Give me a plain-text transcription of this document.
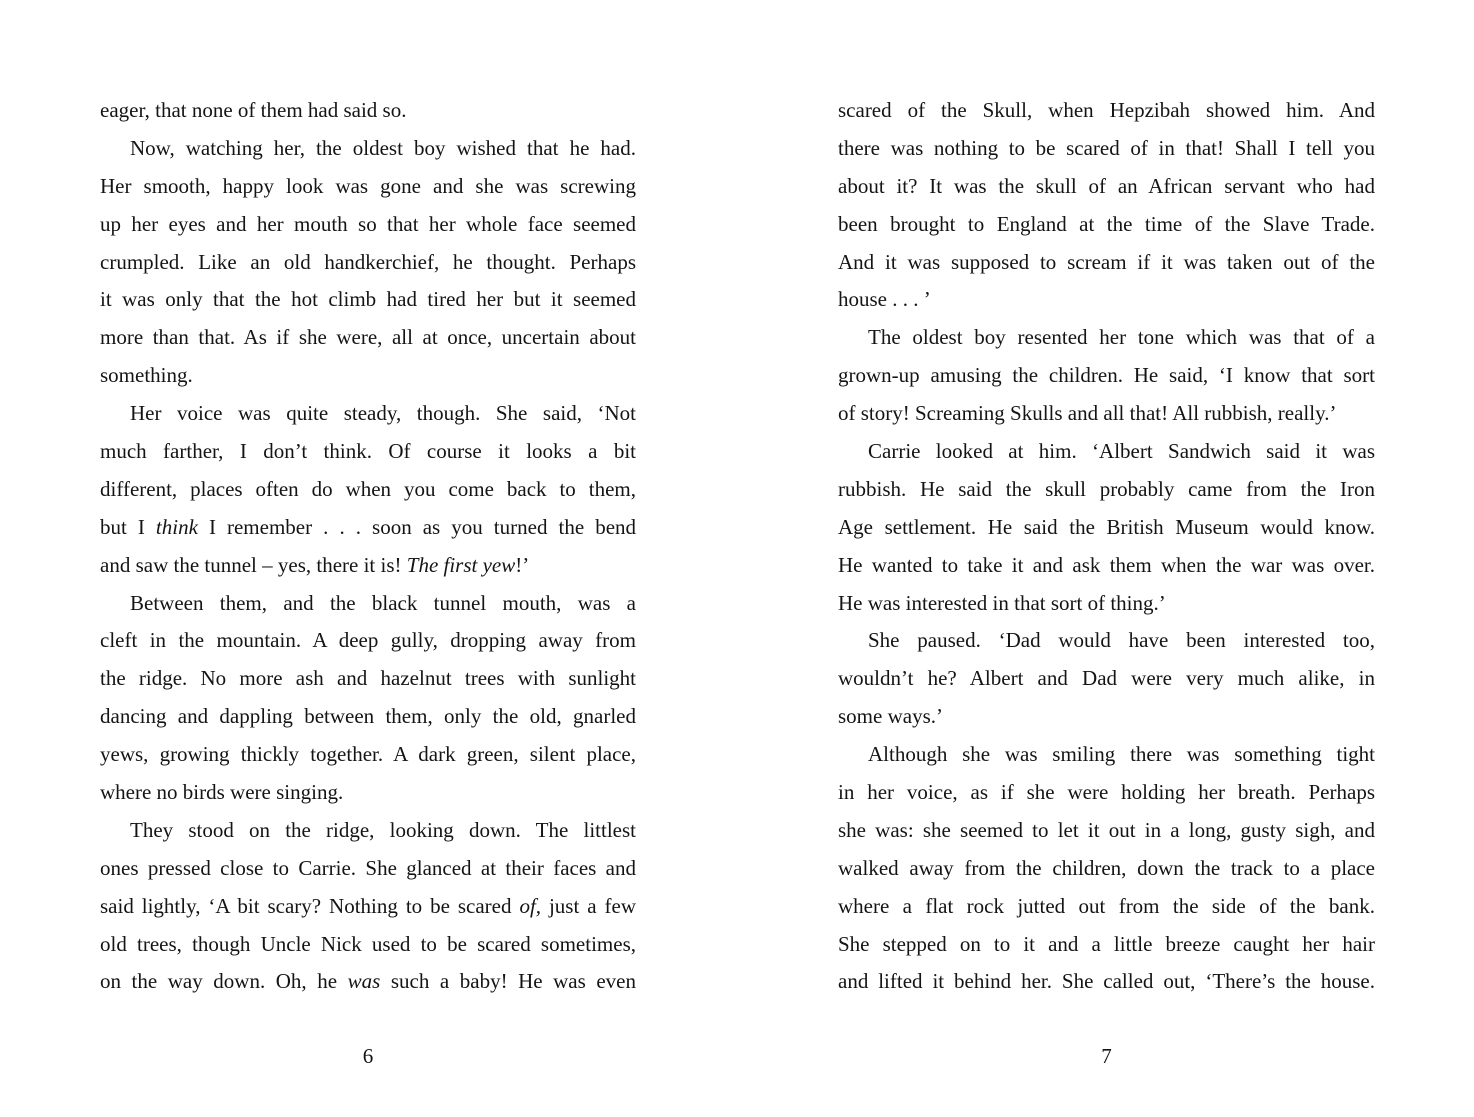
eager, that none of them had said so.
Now, watching her, the oldest boy wished that he had.
Her smooth, happy look was gone and she was screwing
up her eyes and her mouth so that her whole face seemed
crumpled. Like an old handkerchief, he thought. Perhaps
it was only that the hot climb had tired her but it seemed
more than that. As if she were, all at once, uncertain about
something.
Her voice was quite steady, though. She said, ‘Not
much farther, I don’t think. Of course it looks a bit
different, places often do when you come back to them,
but I think I remember . . . soon as you turned the bend
and saw the tunnel – yes, there it is! The first yew!’
Between them, and the black tunnel mouth, was a
cleft in the mountain. A deep gully, dropping away from
the ridge. No more ash and hazelnut trees with sunlight
dancing and dappling between them, only the old, gnarled
yews, growing thickly together. A dark green, silent place,
where no birds were singing.
They stood on the ridge, looking down. The littlest
ones pressed close to Carrie. She glanced at their faces and
said lightly, ‘A bit scary? Nothing to be scared of, just a few
old trees, though Uncle Nick used to be scared sometimes,
on the way down. Oh, he was such a baby! He was even
6
scared of the Skull, when Hepzibah showed him. And
there was nothing to be scared of in that! Shall I tell you
about it? It was the skull of an African servant who had
been brought to England at the time of the Slave Trade.
And it was supposed to scream if it was taken out of the
house . . . ’
The oldest boy resented her tone which was that of a
grown-up amusing the children. He said, ‘I know that sort
of story! Screaming Skulls and all that! All rubbish, really.’
Carrie looked at him. ‘Albert Sandwich said it was
rubbish. He said the skull probably came from the Iron
Age settlement. He said the British Museum would know.
He wanted to take it and ask them when the war was over.
He was interested in that sort of thing.’
She paused. ‘Dad would have been interested too,
wouldn’t he? Albert and Dad were very much alike, in
some ways.’
Although she was smiling there was something tight
in her voice, as if she were holding her breath. Perhaps
she was: she seemed to let it out in a long, gusty sigh, and
walked away from the children, down the track to a place
where a flat rock jutted out from the side of the bank.
She stepped on to it and a little breeze caught her hair
and lifted it behind her. She called out, ‘There’s the house.
7
